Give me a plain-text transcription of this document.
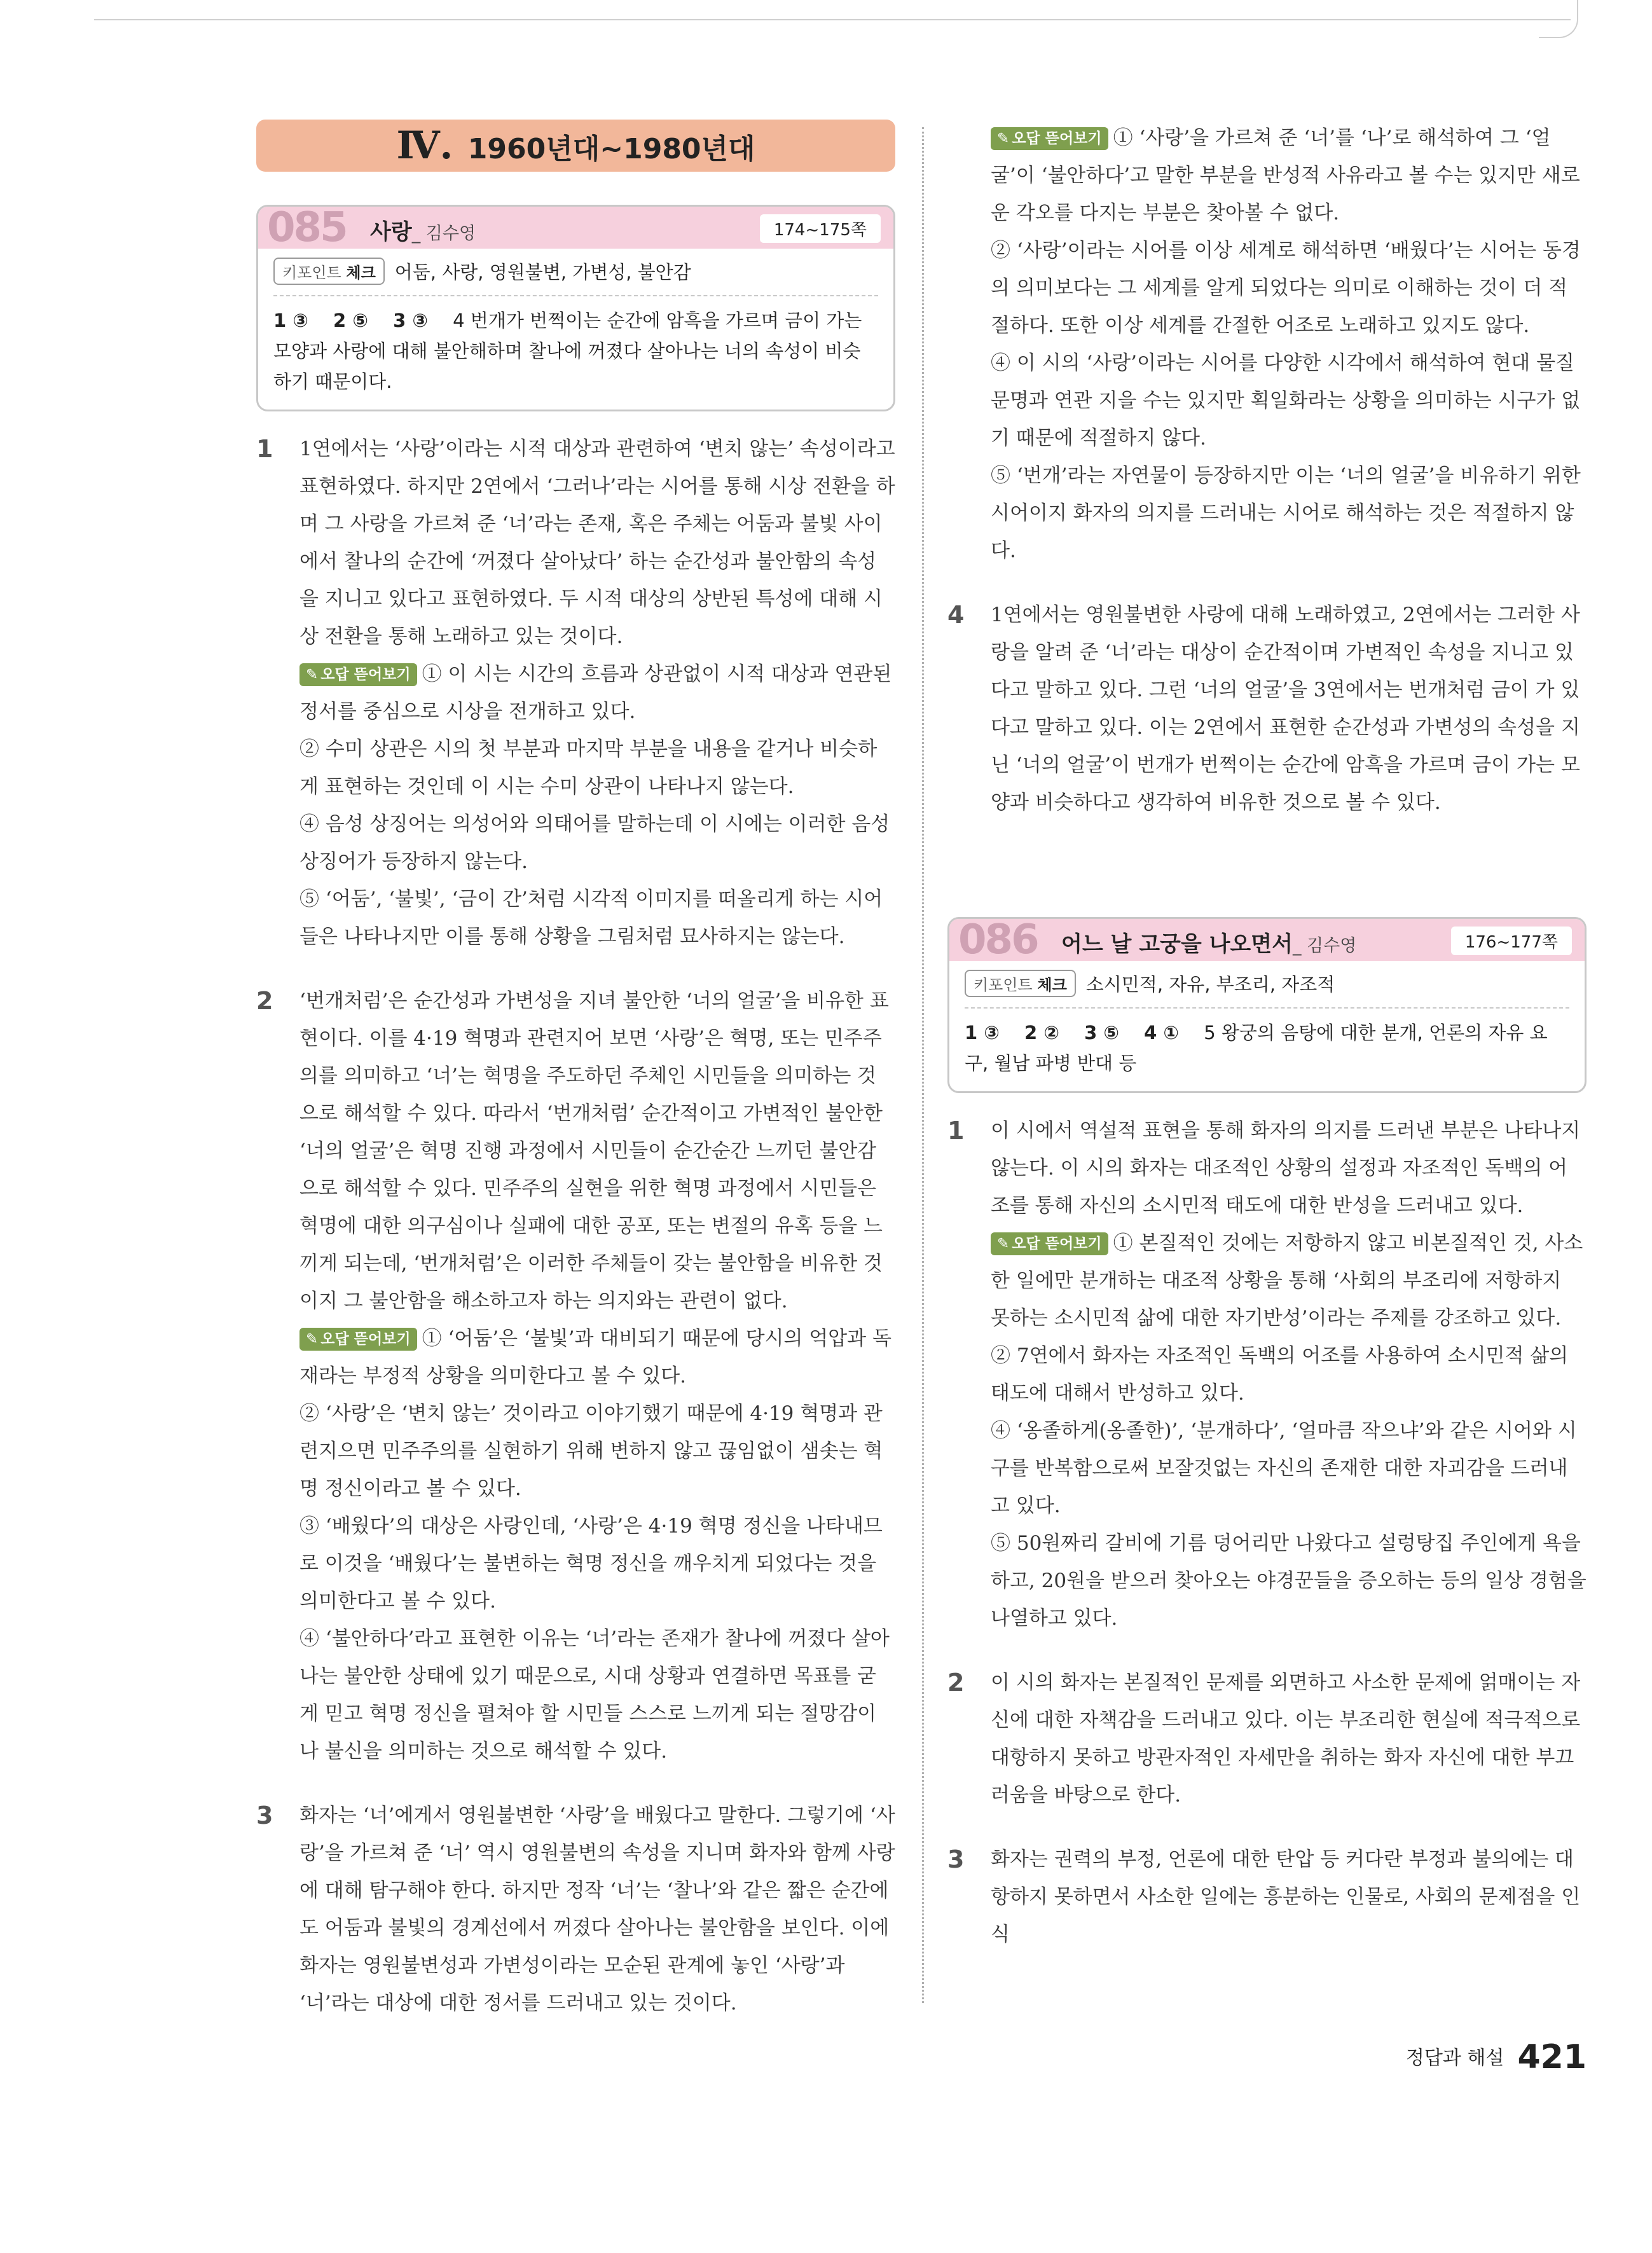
Ⅳ. 1960년대~1980년대
085 사랑_ 김수영	174~175쪽
키포인트 체크	어둠, 사랑, 영원불변, 가변성, 불안감
1 ③ 2 ⑤ 3 ③ 4 번개가 번쩍이는 순간에 암흑을 가르며 금이 가는 모양과 사랑에 대해 불안해하며 찰나에 꺼졌다 살아나는 너의 속성이 비슷하기 때문이다.
1 1연에서는 ‘사랑’이라는 시적 대상과 관련하여 ‘변치 않는’ 속성이라고 표현하였다. 하지만 2연에서 ‘그러나’라는 시어를 통해 시상 전환을 하며 그 사랑을 가르쳐 준 ‘너’라는 존재, 혹은 주체는 어둠과 불빛 사이에서 찰나의 순간에 ‘꺼졌다 살아났다’ 하는 순간성과 불안함의 속성을 지니고 있다고 표현하였다. 두 시적 대상의 상반된 특성에 대해 시상 전환을 통해 노래하고 있는 것이다.

✎ 오답 뜯어보기 ① 이 시는 시간의 흐름과 상관없이 시적 대상과 연관된 정서를 중심으로 시상을 전개하고 있다.

② 수미 상관은 시의 첫 부분과 마지막 부분을 내용을 같거나 비슷하게 표현하는 것인데 이 시는 수미 상관이 나타나지 않는다.

④ 음성 상징어는 의성어와 의태어를 말하는데 이 시에는 이러한 음성 상징어가 등장하지 않는다.

⑤ ‘어둠’, ‘불빛’, ‘금이 간’처럼 시각적 이미지를 떠올리게 하는 시어들은 나타나지만 이를 통해 상황을 그림처럼 묘사하지는 않는다.

2 ‘번개처럼’은 순간성과 가변성을 지녀 불안한 ‘너의 얼굴’을 비유한 표현이다. 이를 4·19 혁명과 관련지어 보면 ‘사랑’은 혁명, 또는 민주주의를 의미하고 ‘너’는 혁명을 주도하던 주체인 시민들을 의미하는 것으로 해석할 수 있다. 따라서 ‘번개처럼’ 순간적이고 가변적인 불안한 ‘너의 얼굴’은 혁명 진행 과정에서 시민들이 순간순간 느끼던 불안감으로 해석할 수 있다. 민주주의 실현을 위한 혁명 과정에서 시민들은 혁명에 대한 의구심이나 실패에 대한 공포, 또는 변절의 유혹 등을 느끼게 되는데, ‘번개처럼’은 이러한 주체들이 갖는 불안함을 비유한 것이지 그 불안함을 해소하고자 하는 의지와는 관련이 없다.

✎ 오답 뜯어보기 ① ‘어둠’은 ‘불빛’과 대비되기 때문에 당시의 억압과 독재라는 부정적 상황을 의미한다고 볼 수 있다.

② ‘사랑’은 ‘변치 않는’ 것이라고 이야기했기 때문에 4·19 혁명과 관련지으면 민주주의를 실현하기 위해 변하지 않고 끊임없이 샘솟는 혁명 정신이라고 볼 수 있다.

③ ‘배웠다’의 대상은 사랑인데, ‘사랑’은 4·19 혁명 정신을 나타내므로 이것을 ‘배웠다’는 불변하는 혁명 정신을 깨우치게 되었다는 것을 의미한다고 볼 수 있다.

④ ‘불안하다’라고 표현한 이유는 ‘너’라는 존재가 찰나에 꺼졌다 살아나는 불안한 상태에 있기 때문으로, 시대 상황과 연결하면 목표를 굳게 믿고 혁명 정신을 펼쳐야 할 시민들 스스로 느끼게 되는 절망감이나 불신을 의미하는 것으로 해석할 수 있다.

3 화자는 ‘너’에게서 영원불변한 ‘사랑’을 배웠다고 말한다. 그렇기에 ‘사랑’을 가르쳐 준 ‘너’ 역시 영원불변의 속성을 지니며 화자와 함께 사랑에 대해 탐구해야 한다. 하지만 정작 ‘너’는 ‘찰나’와 같은 짧은 순간에도 어둠과 불빛의 경계선에서 꺼졌다 살아나는 불안함을 보인다. 이에 화자는 영원불변성과 가변성이라는 모순된 관계에 놓인 ‘사랑’과 ‘너’라는 대상에 대한 정서를 드러내고 있는 것이다.

✎ 오답 뜯어보기 ① ‘사랑’을 가르쳐 준 ‘너’를 ‘나’로 해석하여 그 ‘얼굴’이 ‘불안하다’고 말한 부분을 반성적 사유라고 볼 수는 있지만 새로운 각오를 다지는 부분은 찾아볼 수 없다.

② ‘사랑’이라는 시어를 이상 세계로 해석하면 ‘배웠다’는 시어는 동경의 의미보다는 그 세계를 알게 되었다는 의미로 이해하는 것이 더 적절하다. 또한 이상 세계를 간절한 어조로 노래하고 있지도 않다.

④ 이 시의 ‘사랑’이라는 시어를 다양한 시각에서 해석하여 현대 물질문명과 연관 지을 수는 있지만 획일화라는 상황을 의미하는 시구가 없기 때문에 적절하지 않다.

⑤ ‘번개’라는 자연물이 등장하지만 이는 ‘너의 얼굴’을 비유하기 위한 시어이지 화자의 의지를 드러내는 시어로 해석하는 것은 적절하지 않다.

4 1연에서는 영원불변한 사랑에 대해 노래하였고, 2연에서는 그러한 사랑을 알려 준 ‘너’라는 대상이 순간적이며 가변적인 속성을 지니고 있다고 말하고 있다. 그런 ‘너의 얼굴’을 3연에서는 번개처럼 금이 가 있다고 말하고 있다. 이는 2연에서 표현한 순간성과 가변성의 속성을 지닌 ‘너의 얼굴’이 번개가 번쩍이는 순간에 암흑을 가르며 금이 가는 모양과 비슷하다고 생각하여 비유한 것으로 볼 수 있다.

086 어느 날 고궁을 나오면서_ 김수영	176~177쪽
키포인트 체크	소시민적, 자유, 부조리, 자조적
1 ③ 2 ② 3 ⑤ 4 ① 5 왕궁의 음탕에 대한 분개, 언론의 자유 요구, 월남 파병 반대 등
1 이 시에서 역설적 표현을 통해 화자의 의지를 드러낸 부분은 나타나지 않는다. 이 시의 화자는 대조적인 상황의 설정과 자조적인 독백의 어조를 통해 자신의 소시민적 태도에 대한 반성을 드러내고 있다.

✎ 오답 뜯어보기 ① 본질적인 것에는 저항하지 않고 비본질적인 것, 사소한 일에만 분개하는 대조적 상황을 통해 ‘사회의 부조리에 저항하지 못하는 소시민적 삶에 대한 자기반성’이라는 주제를 강조하고 있다.

② 7연에서 화자는 자조적인 독백의 어조를 사용하여 소시민적 삶의 태도에 대해서 반성하고 있다.

④ ‘옹졸하게(옹졸한)’, ‘분개하다’, ‘얼마큼 작으냐’와 같은 시어와 시구를 반복함으로써 보잘것없는 자신의 존재한 대한 자괴감을 드러내고 있다.

⑤ 50원짜리 갈비에 기름 덩어리만 나왔다고 설렁탕집 주인에게 욕을 하고, 20원을 받으러 찾아오는 야경꾼들을 증오하는 등의 일상 경험을 나열하고 있다.

2 이 시의 화자는 본질적인 문제를 외면하고 사소한 문제에 얽매이는 자신에 대한 자책감을 드러내고 있다. 이는 부조리한 현실에 적극적으로 대항하지 못하고 방관자적인 자세만을 취하는 화자 자신에 대한 부끄러움을 바탕으로 한다.

3 화자는 권력의 부정, 언론에 대한 탄압 등 커다란 부정과 불의에는 대항하지 못하면서 사소한 일에는 흥분하는 인물로, 사회의 문제점을 인식

정답과 해설 421
